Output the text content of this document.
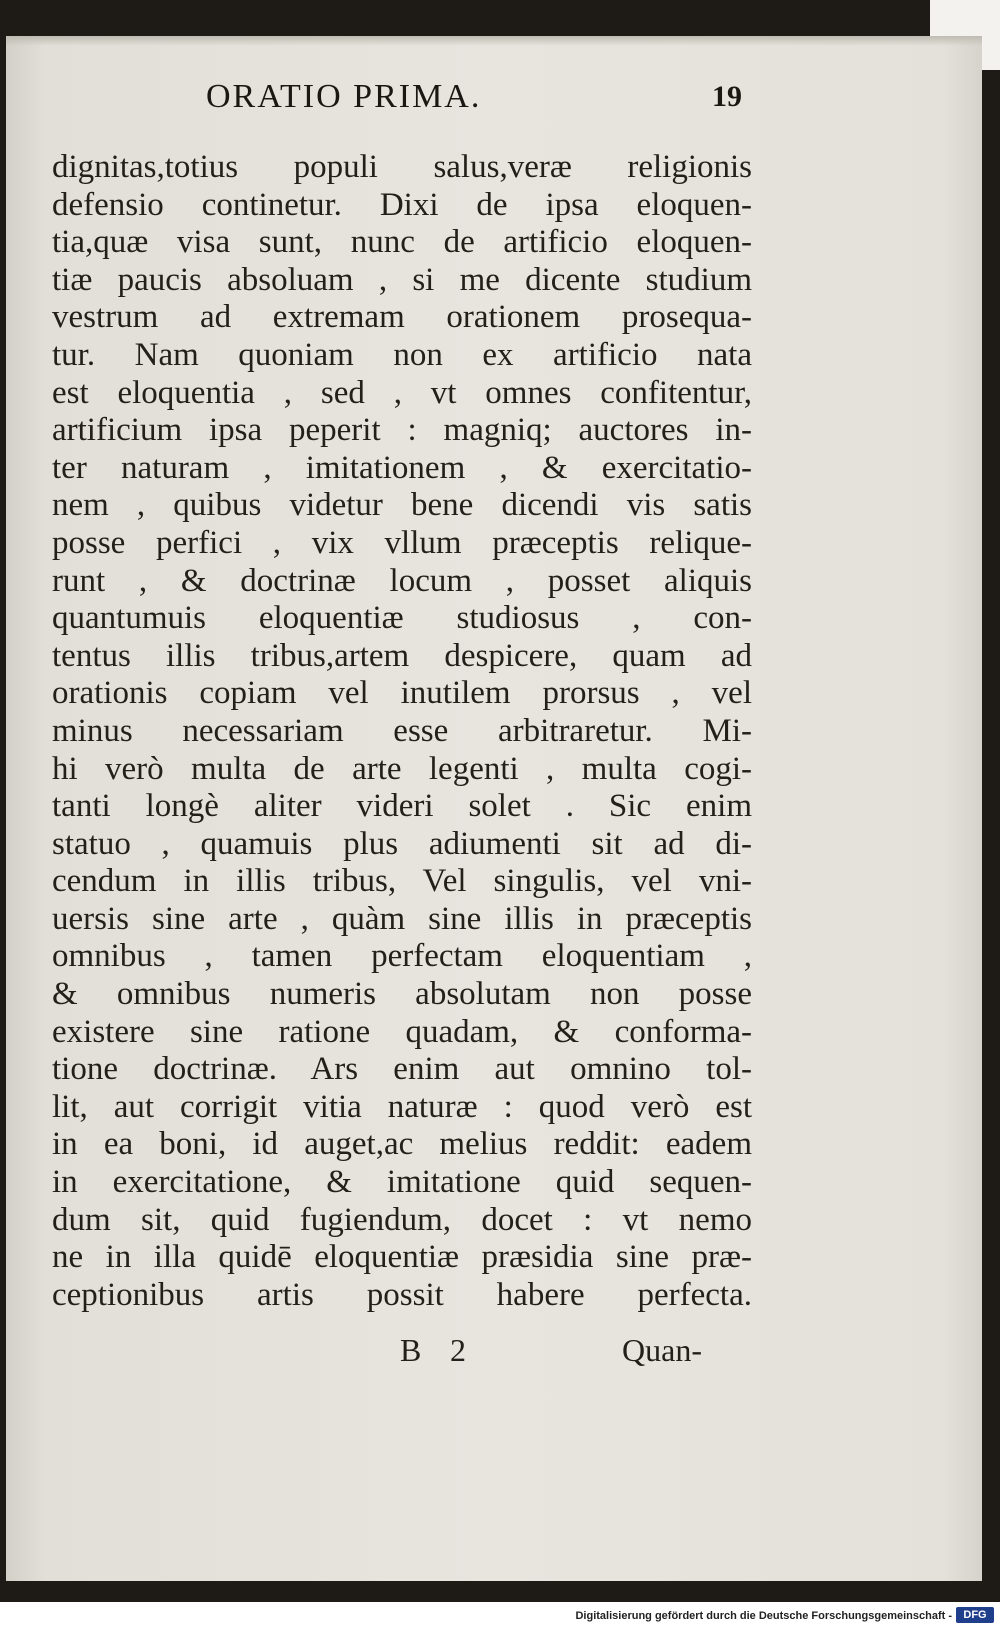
ORATIO PRIMA.	19
dignitas,totius populi salus,veræ religionis
defensio continetur. Dixi de ipsa eloquen-
tia,quæ visa sunt, nunc de artificio eloquen-
tiæ paucis absoluam , si me dicente studium
vestrum ad extremam orationem prosequa-
tur. Nam quoniam non ex artificio nata
est eloquentia , sed , vt omnes confitentur,
artificium ipsa peperit : magniq; auctores in-
ter naturam , imitationem , & exercitatio-
nem , quibus videtur bene dicendi vis satis
posse perfici , vix vllum præceptis relique-
runt , & doctrinæ locum , posset aliquis
quantumuis eloquentiæ studiosus , con-
tentus illis tribus,artem despicere, quam ad
orationis copiam vel inutilem prorsus , vel
minus necessariam esse arbitraretur. Mi-
hi verò multa de arte legenti , multa cogi-
tanti longè aliter videri solet . Sic enim
statuo , quamuis plus adiumenti sit ad di-
cendum in illis tribus, Vel singulis, vel vni-
uersis sine arte , quàm sine illis in præceptis
omnibus , tamen perfectam eloquentiam ,
& omnibus numeris absolutam non posse
existere sine ratione quadam, & conforma-
tione doctrinæ. Ars enim aut omnino tol-
lit, aut corrigit vitia naturæ : quod verò est
in ea boni, id auget,ac melius reddit: eadem
in exercitatione, & imitatione quid sequen-
dum sit, quid fugiendum, docet : vt nemo
ne in illa quidē eloquentiæ præsidia sine præ-
ceptionibus artis possit habere perfecta.
B 2	Quan-
Digitalisierung gefördert durch die Deutsche Forschungsgemeinschaft -	DFG
